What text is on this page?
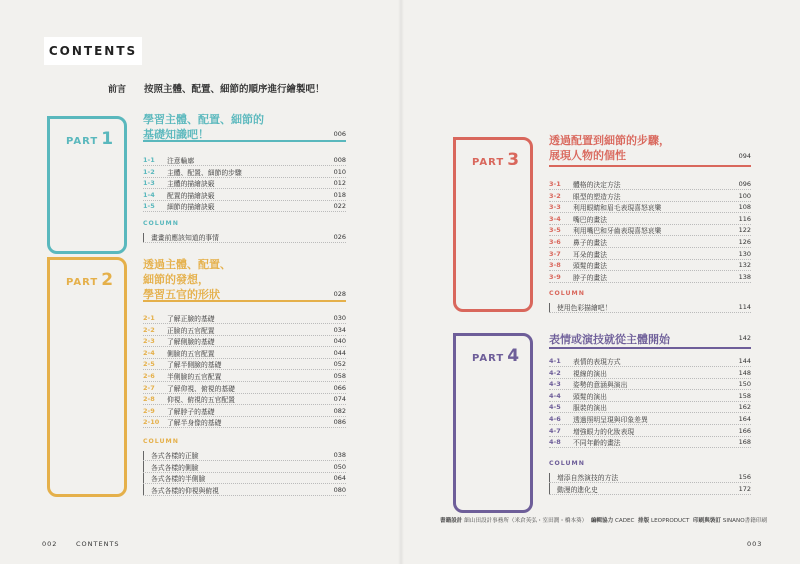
CONTENTS
前言 按照主體、配置、細節的順序進行繪製吧！
PART 1
學習主體、配置、細節的
基礎知識吧！	006
1-1	注意輪廓	008
1-2	主體、配置、細節的步驟	010
1-3	主體的描繪訣竅	012
1-4	配置的描繪訣竅	018
1-5	細節的描繪訣竅	022
COLUMN
畫畫前應該知道的事情	026
PART 2
透過主體、配置、
細節的發想，
學習五官的形狀	028
2-1	了解正臉的基礎	030
2-2	正臉的五官配置	034
2-3	了解側臉的基礎	040
2-4	側臉的五官配置	044
2-5	了解半側臉的基礎	052
2-6	半側臉的五官配置	058
2-7	了解仰視、俯視的基礎	066
2-8	仰視、俯視的五官配置	074
2-9	了解脖子的基礎	082
2-10	了解半身像的基礎	086
COLUMN
各式各樣的正臉	038
各式各樣的側臉	050
各式各樣的半側臉	064
各式各樣的仰視與俯視	080
PART 3
透過配置到細節的步驟，
展現人物的個性	094
3-1	體格的決定方法	096
3-2	眼型的塑造方法	100
3-3	利用眼睛和眉毛表現喜怒哀樂	108
3-4	嘴巴的畫法	116
3-5	利用嘴巴和牙齒表現喜怒哀樂	122
3-6	鼻子的畫法	126
3-7	耳朵的畫法	130
3-8	頭髮的畫法	132
3-9	脖子的畫法	138
COLUMN
使用色彩描繪吧！	114
PART 4
表情或演技就從主體開始	142
4-1	表情的表現方式	144
4-2	視線的演出	148
4-3	姿勢的意涵與演出	150
4-4	頭髮的演出	158
4-5	服裝的演出	162
4-6	透過照明呈現與印象差異	164
4-7	增強眼力的化妝表現	166
4-8	不同年齡的畫法	168
COLUMN
增添自然演技的方法	156
動漫的進化史	172
書籍設計 細山田設計事務所（米倉英弘・室田潤・橋本葵） 編輯協力 CADEC 排版 LEOPRODUCT 印刷與裝訂 SINANO書籍印刷
002	CONTENTS	003
